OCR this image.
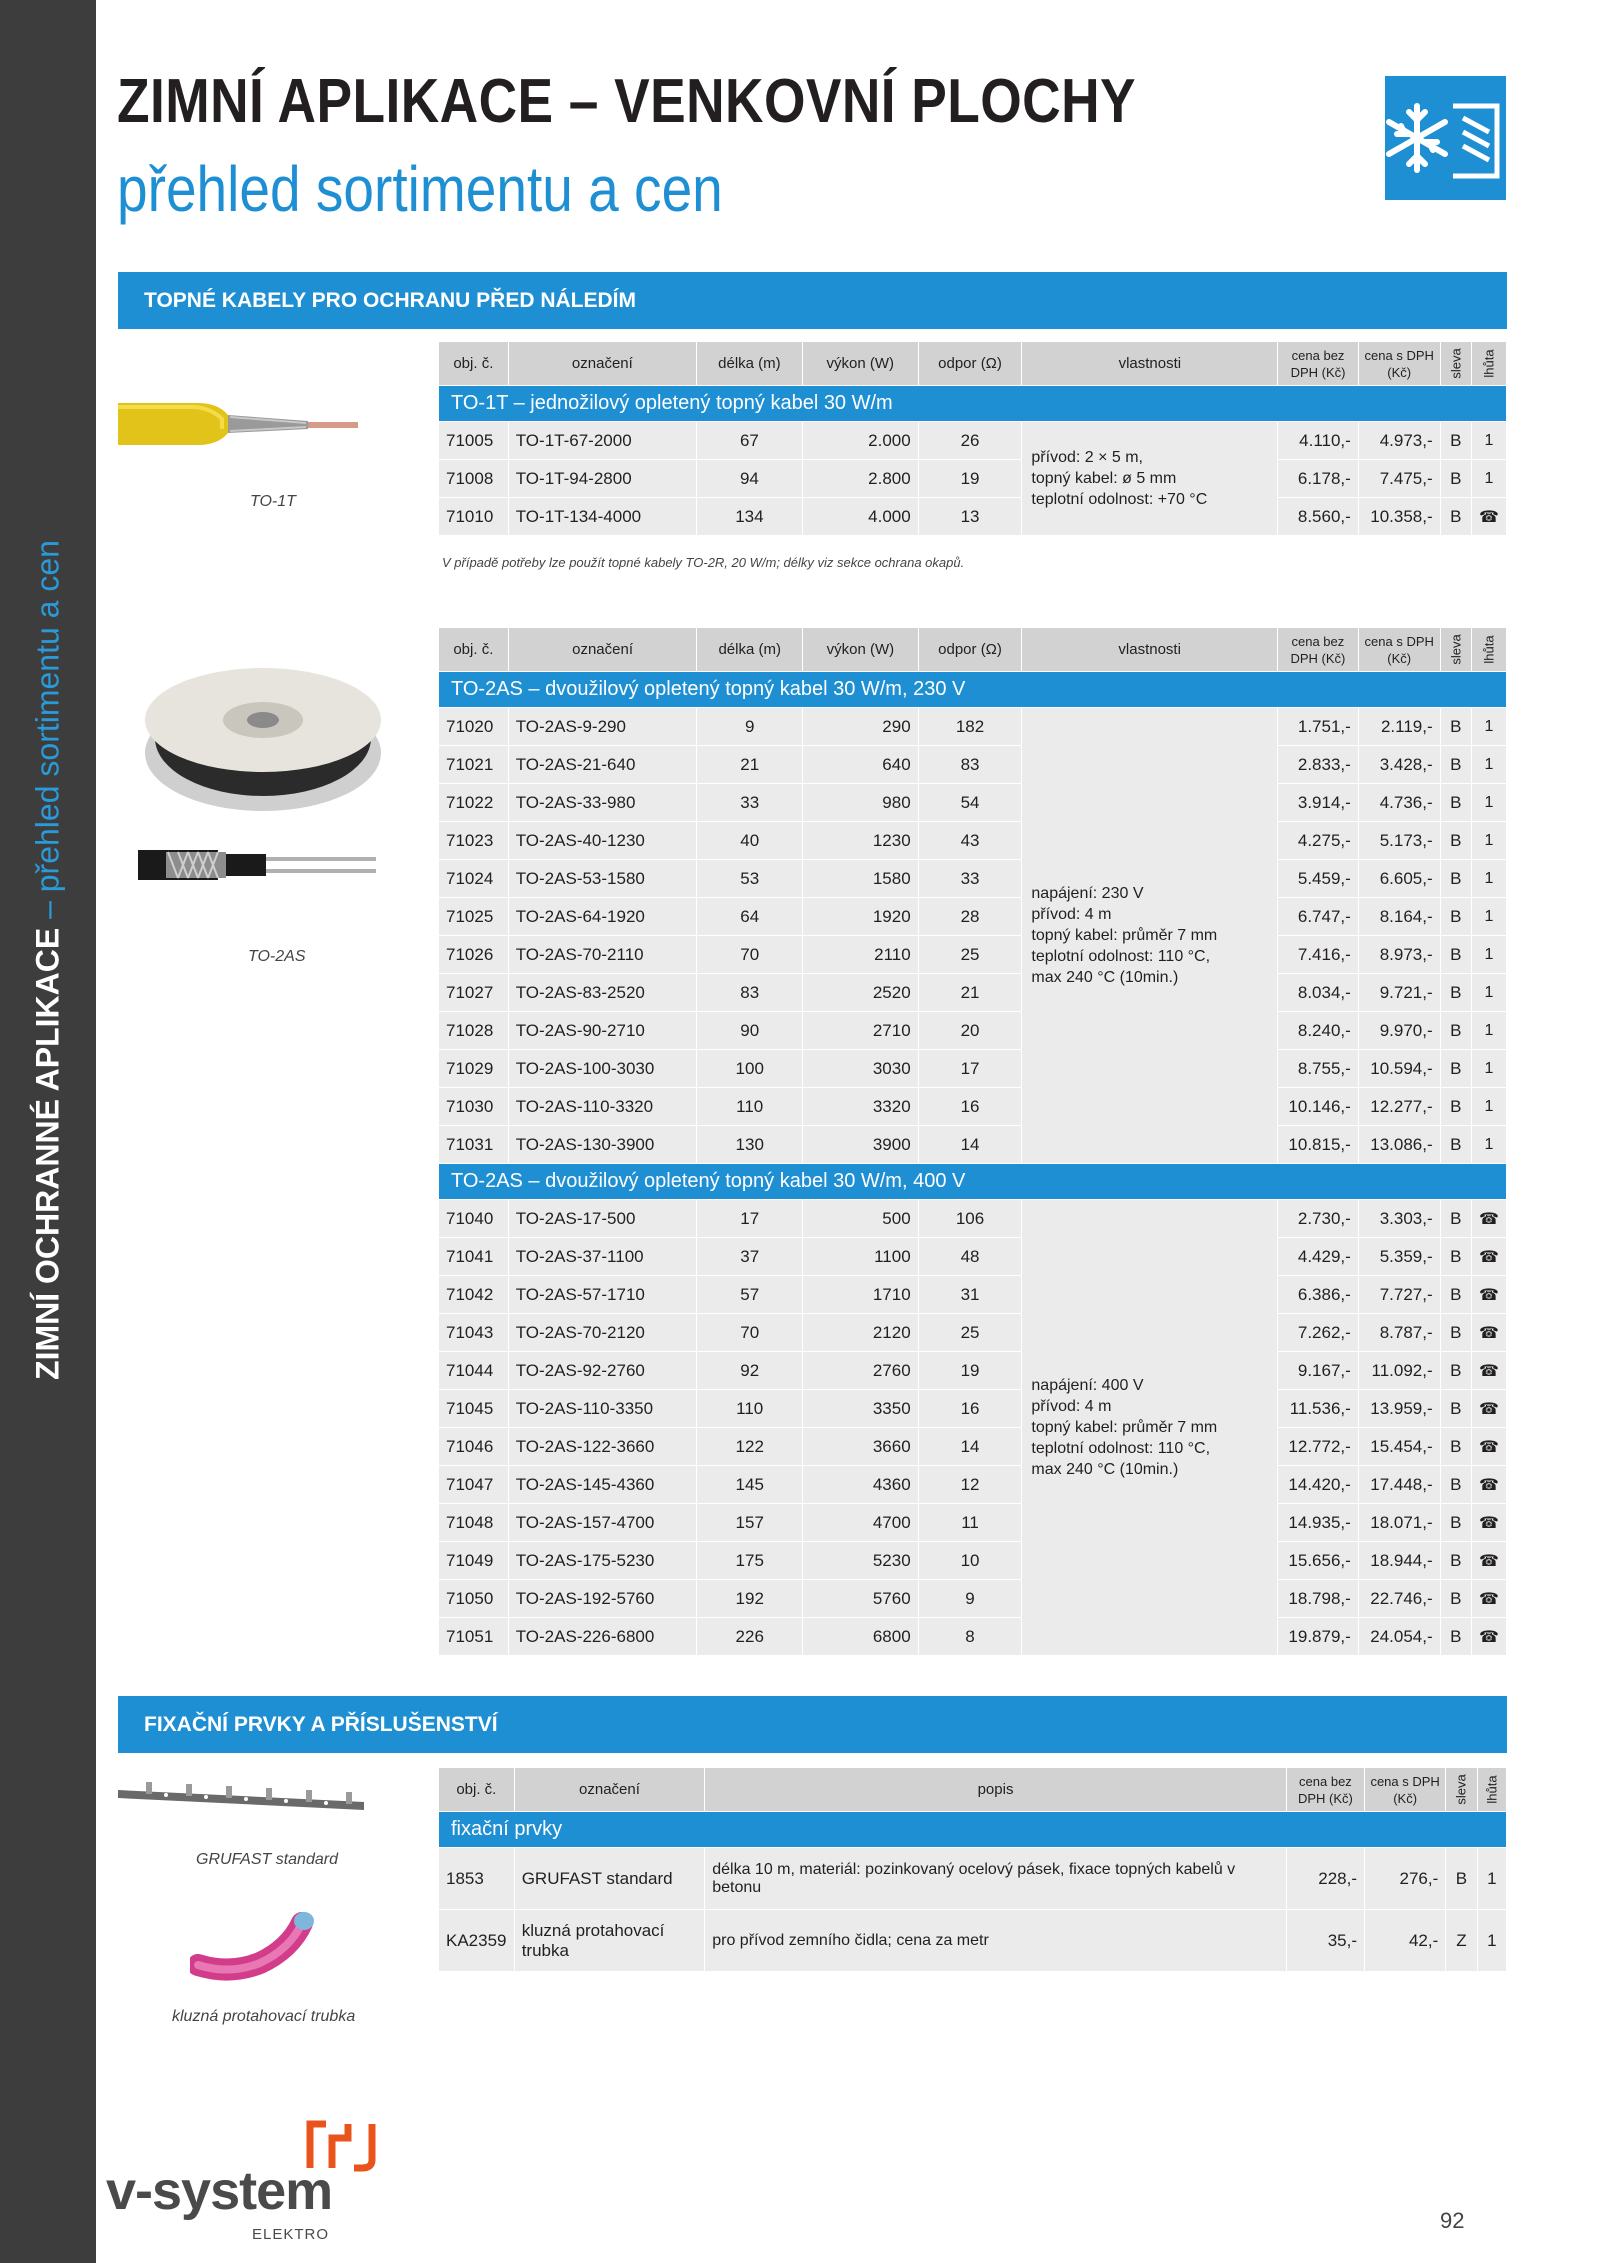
ZIMNÍ OCHRANNÉ APLIKACE – přehled sortimentu a cen
ZIMNÍ APLIKACE – VENKOVNÍ PLOCHY
přehled sortimentu a cen
TOPNÉ KABELY PRO OCHRANU PŘED NÁLEDÍM
TO-1T
TO-2AS
obj. č.	označení	délka (m)	výkon (W)	odpor (Ω)	vlastnosti	cena bez DPH (Kč)	cena s DPH (Kč)	sleva	lhůta
TO-1T – jednožilový opletený topný kabel 30 W/m									
71005	TO-1T-67-2000	67	2.000	26	přívod: 2 × 5 m,
topný kabel: ø 5 mm
teplotní odolnost: +70 °C	4.110,-	4.973,-	B	1
71008	TO-1T-94-2800	94	2.800	19		6.178,-	7.475,-	B	1
71010	TO-1T-134-4000	134	4.000	13		8.560,-	10.358,-	B	☎
V případě potřeby lze použít topné kabely TO-2R, 20 W/m; délky viz sekce ochrana okapů.
obj. č.	označení	délka (m)	výkon (W)	odpor (Ω)	vlastnosti	cena bez DPH (Kč)	cena s DPH (Kč)	sleva	lhůta
TO-2AS – dvoužilový opletený topný kabel 30 W/m, 230 V									
71020	TO-2AS-9-290	9	290	182	napájení: 230 V
přívod: 4 m
topný kabel: průměr 7 mm
teplotní odolnost: 110 °C,
max 240 °C (10min.)	1.751,-	2.119,-	B	1
71021	TO-2AS-21-640	21	640	83		2.833,-	3.428,-	B	1
71022	TO-2AS-33-980	33	980	54		3.914,-	4.736,-	B	1
71023	TO-2AS-40-1230	40	1230	43		4.275,-	5.173,-	B	1
71024	TO-2AS-53-1580	53	1580	33		5.459,-	6.605,-	B	1
71025	TO-2AS-64-1920	64	1920	28		6.747,-	8.164,-	B	1
71026	TO-2AS-70-2110	70	2110	25		7.416,-	8.973,-	B	1
71027	TO-2AS-83-2520	83	2520	21		8.034,-	9.721,-	B	1
71028	TO-2AS-90-2710	90	2710	20		8.240,-	9.970,-	B	1
71029	TO-2AS-100-3030	100	3030	17		8.755,-	10.594,-	B	1
71030	TO-2AS-110-3320	110	3320	16		10.146,-	12.277,-	B	1
71031	TO-2AS-130-3900	130	3900	14		10.815,-	13.086,-	B	1
TO-2AS – dvoužilový opletený topný kabel 30 W/m, 400 V									
71040	TO-2AS-17-500	17	500	106	napájení: 400 V
přívod: 4 m
topný kabel: průměr 7 mm
teplotní odolnost: 110 °C,
max 240 °C (10min.)	2.730,-	3.303,-	B	☎
71041	TO-2AS-37-1100	37	1100	48		4.429,-	5.359,-	B	☎
71042	TO-2AS-57-1710	57	1710	31		6.386,-	7.727,-	B	☎
71043	TO-2AS-70-2120	70	2120	25		7.262,-	8.787,-	B	☎
71044	TO-2AS-92-2760	92	2760	19		9.167,-	11.092,-	B	☎
71045	TO-2AS-110-3350	110	3350	16		11.536,-	13.959,-	B	☎
71046	TO-2AS-122-3660	122	3660	14		12.772,-	15.454,-	B	☎
71047	TO-2AS-145-4360	145	4360	12		14.420,-	17.448,-	B	☎
71048	TO-2AS-157-4700	157	4700	11		14.935,-	18.071,-	B	☎
71049	TO-2AS-175-5230	175	5230	10		15.656,-	18.944,-	B	☎
71050	TO-2AS-192-5760	192	5760	9		18.798,-	22.746,-	B	☎
71051	TO-2AS-226-6800	226	6800	8		19.879,-	24.054,-	B	☎
FIXAČNÍ PRVKY A PŘÍSLUŠENSTVÍ
GRUFAST standard
kluzná protahovací trubka
obj. č.	označení	popis	cena bez DPH (Kč)	cena s DPH (Kč)	sleva	lhůta
fixační prvky						
1853	GRUFAST standard	délka 10 m, materiál: pozinkovaný ocelový pásek, fixace topných kabelů v betonu	228,-	276,-	B	1
KA2359	kluzná protahovací trubka	pro přívod zemního čidla; cena za metr	35,-	42,-	Z	1
v-system
ELEKTRO
92
